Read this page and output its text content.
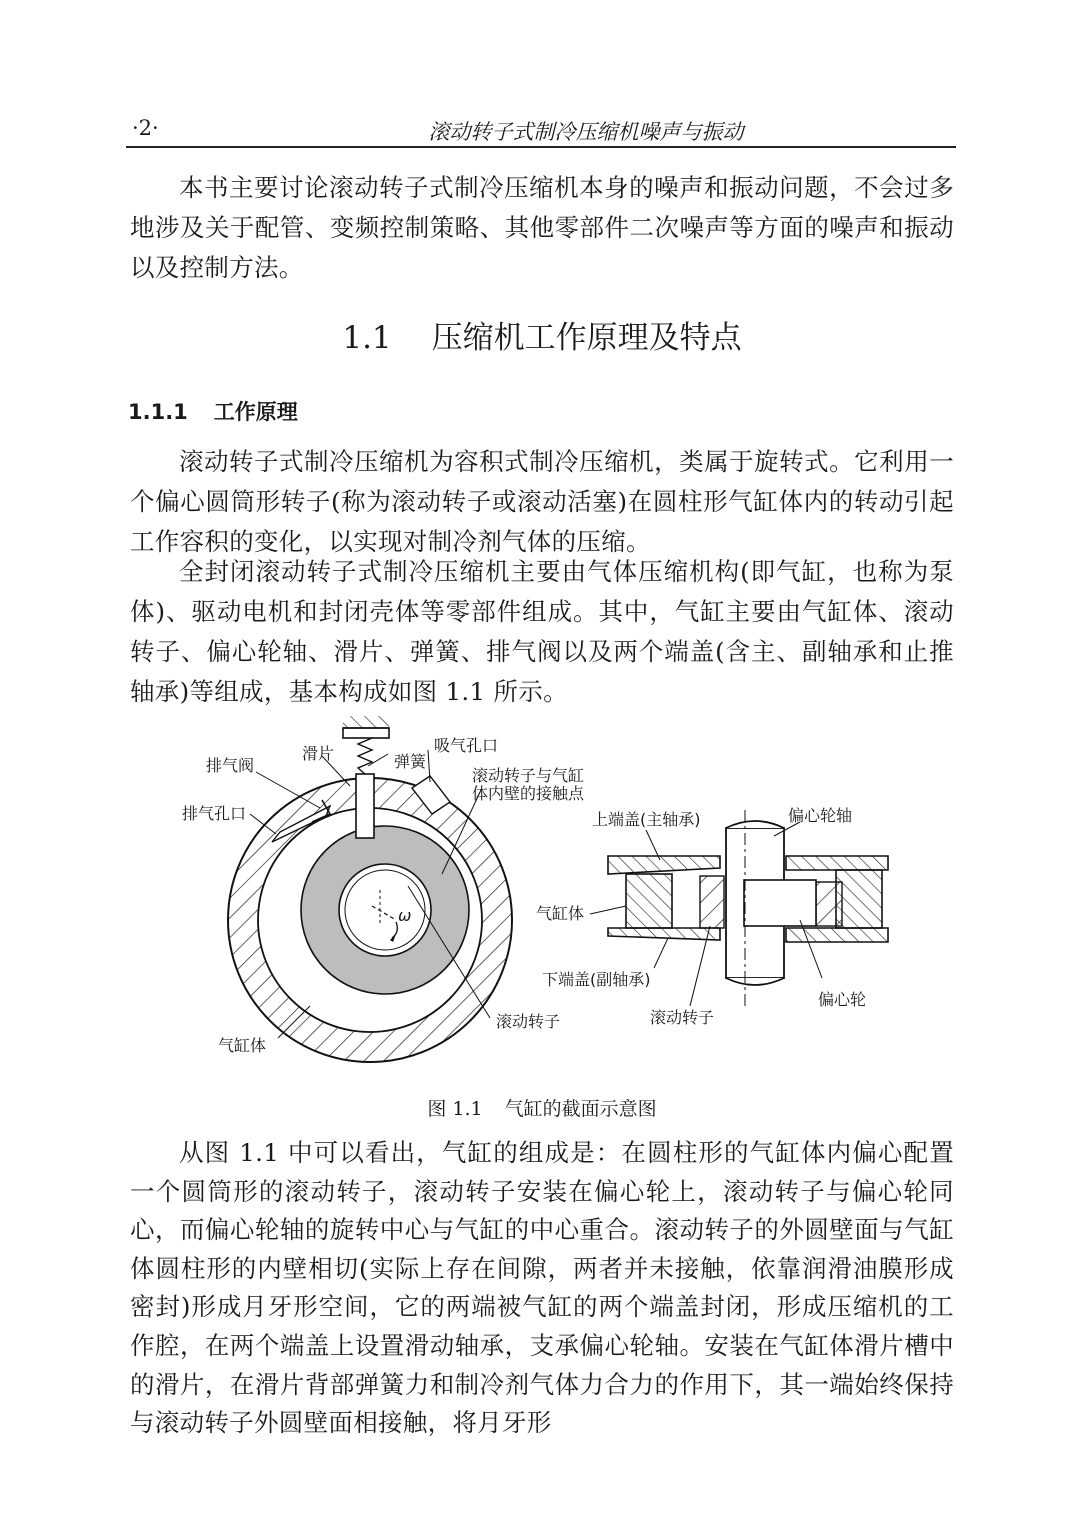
·2·	滚动转子式制冷压缩机噪声与振动

本书主要讨论滚动转子式制冷压缩机本身的噪声和振动问题，不会过多地涉及关于配管、变频控制策略、其他零部件二次噪声等方面的噪声和振动以及控制方法。

1.1 压缩机工作原理及特点
1.1.1 工作原理

滚动转子式制冷压缩机为容积式制冷压缩机，类属于旋转式。它利用一个偏心圆筒形转子(称为滚动转子或滚动活塞)在圆柱形气缸体内的转动引起工作容积的变化，以实现对制冷剂气体的压缩。

全封闭滚动转子式制冷压缩机主要由气体压缩机构(即气缸，也称为泵体)、驱动电机和封闭壳体等零部件组成。其中，气缸主要由气缸体、滚动转子、偏心轮轴、滑片、弹簧、排气阀以及两个端盖(含主、副轴承和止推轴承)等组成，基本构成如图 1.1 所示。

滑片	吸气孔口
排气阀	弹簧
滚动转子与气缸
体内壁的接触点
排气孔口
ω
气缸体
滚动转子
上端盖(主轴承)	偏心轮轴
气缸体
下端盖(副轴承)
偏心轮
滚动转子

图 1.1 气缸的截面示意图

从图 1.1 中可以看出，气缸的组成是：在圆柱形的气缸体内偏心配置一个圆筒形的滚动转子，滚动转子安装在偏心轮上，滚动转子与偏心轮同心，而偏心轮轴的旋转中心与气缸的中心重合。滚动转子的外圆壁面与气缸体圆柱形的内壁相切(实际上存在间隙，两者并未接触，依靠润滑油膜形成密封)形成月牙形空间，它的两端被气缸的两个端盖封闭，形成压缩机的工作腔，在两个端盖上设置滑动轴承，支承偏心轮轴。安装在气缸体滑片槽中的滑片，在滑片背部弹簧力和制冷剂气体力合力的作用下，其一端始终保持与滚动转子外圆壁面相接触，将月牙形
